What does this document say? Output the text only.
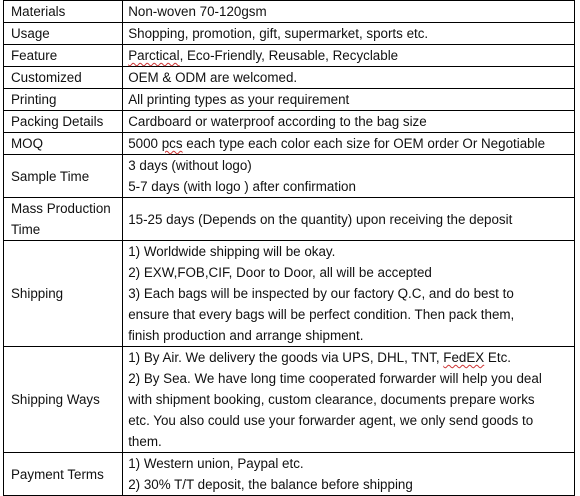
Materials	Non-woven 70-120gsm

Usage	Shopping, promotion, gift, supermarket, sports etc.

Feature	Parctical, Eco-Friendly, Reusable, Recyclable

Customized	OEM & ODM are welcomed.

Printing	All printing types as your requirement

Packing Details	Cardboard or waterproof according to the bag size

MOQ	5000 pcs each type each color each size for OEM order Or Negotiable

Sample Time	3 days (without logo)
5-7 days (with logo ) after confirmation

Mass Production Time	15-25 days (Depends on the quantity) upon receiving the deposit

Shipping	1) Worldwide shipping will be okay.
2) EXW,FOB,CIF, Door to Door, all will be accepted
3) Each bags will be inspected by our factory Q.C, and do best to
ensure that every bags will be perfect condition. Then pack them,
finish production and arrange shipment.

Shipping Ways	1) By Air. We delivery the goods via UPS, DHL, TNT, FedEX Etc.
2) By Sea. We have long time cooperated forwarder will help you deal
with shipment booking, custom clearance, documents prepare works
etc. You also could use your forwarder agent, we only send goods to
them.

Payment Terms	1) Western union, Paypal etc.
2) 30% T/T deposit, the balance before shipping
